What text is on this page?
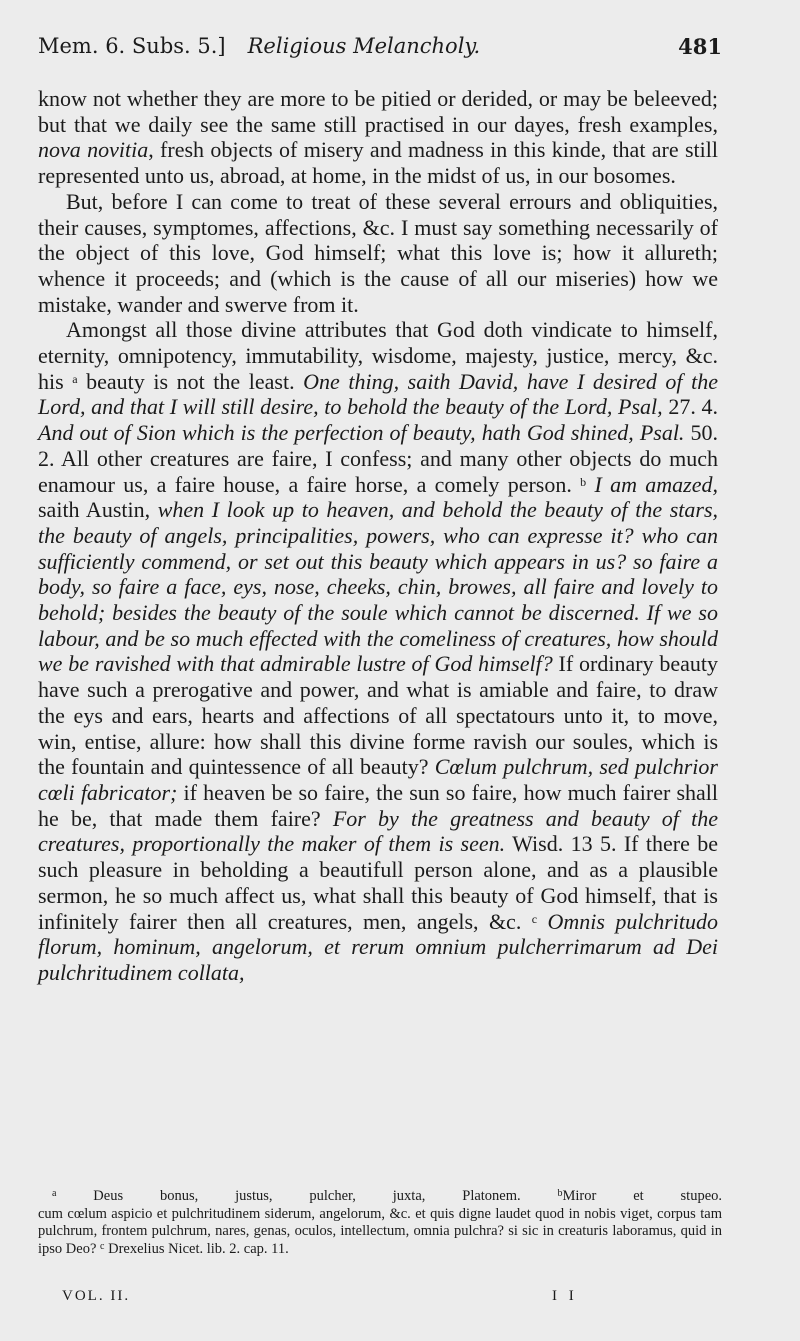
Mem. 6. Subs. 5.] Religious Melancholy.	481

know not whether they are more to be pitied or derided, or may be beleeved; but that we daily see the same still practised in our dayes, fresh examples, nova novitia, fresh objects of misery and madness in this kinde, that are still represented unto us, abroad, at home, in the midst of us, in our bosomes.

But, before I can come to treat of these several errours and obliquities, their causes, symptomes, affections, &c. I must say something necessarily of the object of this love, God himself; what this love is; how it allureth; whence it proceeds; and (which is the cause of all our miseries) how we mistake, wander and swerve from it.

Amongst all those divine attributes that God doth vindicate to himself, eternity, omnipotency, immutability, wisdome, majesty, justice, mercy, &c. his $^a$ beauty is not the least. One thing, saith David, have I desired of the Lord, and that I will still desire, to behold the beauty of the Lord, Psal, 27. 4. And out of Sion which is the perfection of beauty, hath God shined, Psal. 50. 2. All other creatures are faire, I confess; and many other objects do much enamour us, a faire house, a faire horse, a comely person. $^b$ I am amazed, saith Austin, when I look up to heaven, and behold the beauty of the stars, the beauty of angels, principalities, powers, who can expresse it? who can sufficiently commend, or set out this beauty which appears in us? so faire a body, so faire a face, eys, nose, cheeks, chin, browes, all faire and lovely to behold; besides the beauty of the soule which cannot be discerned. If we so labour, and be so much effected with the comeliness of creatures, how should we be ravished with that admirable lustre of God himself? If ordinary beauty have such a prerogative and power, and what is amiable and faire, to draw the eys and ears, hearts and affections of all spectatours unto it, to move, win, entise, allure: how shall this divine forme ravish our soules, which is the fountain and quintessence of all beauty? Cœlum pulchrum, sed pulchrior cœli fabricator; if heaven be so faire, the sun so faire, how much fairer shall he be, that made them faire? For by the greatness and beauty of the creatures, proportionally the maker of them is seen. Wisd. 13 5. If there be such pleasure in beholding a beautifull person alone, and as a plausible sermon, he so much affect us, what shall this beauty of God himself, that is infinitely fairer then all creatures, men, angels, &c. $^c$ Omnis pulchritudo florum, hominum, angelorum, et rerum omnium pulcherrimarum ad Dei pulchritudinem collata,

$^a$ Deus bonus, justus, pulcher, juxta, Platonem. $^b$Miror et stupeo.

cum cœlum aspicio et pulchritudinem siderum, angelorum, &c. et quis digne laudet quod in nobis viget, corpus tam pulchrum, frontem pulchrum, nares, genas, oculos, intellectum, omnia pulchra? si sic in creaturis laboramus, quid in ipso Deo? $^c$ Drexelius Nicet. lib. 2. cap. 11.

VOL. II.	I I
